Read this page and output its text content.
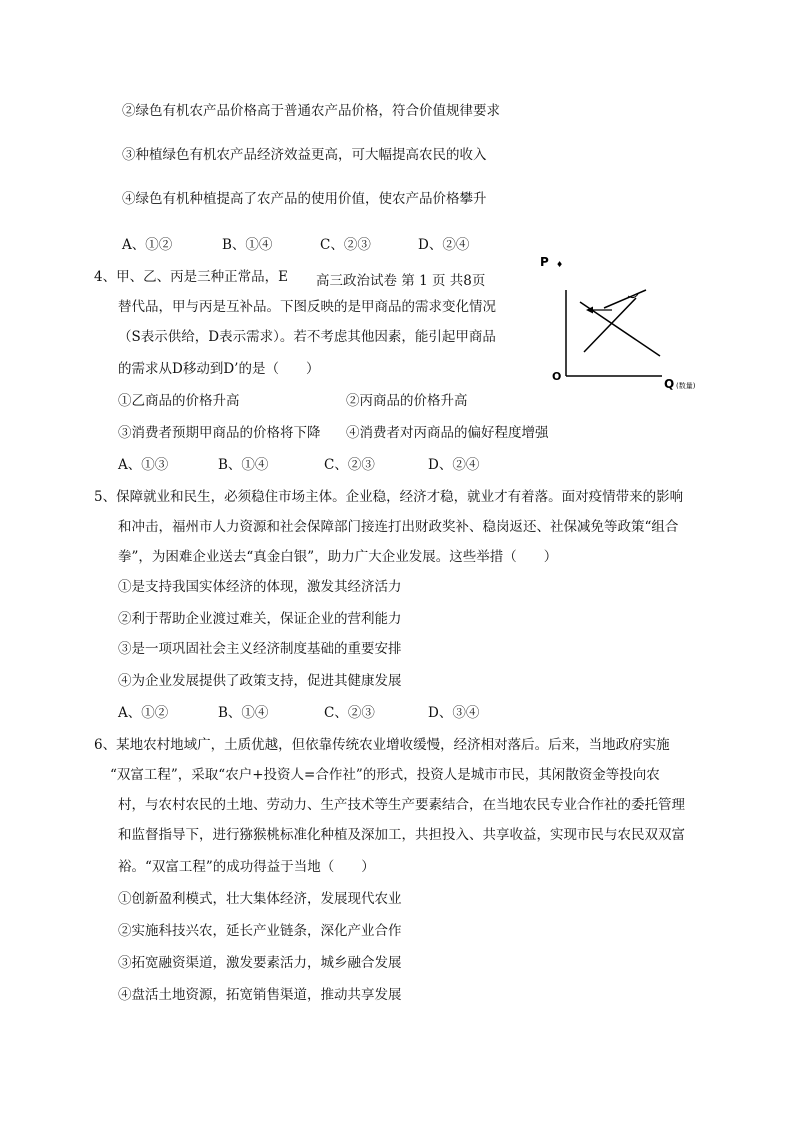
②绿色有机农产品价格高于普通农产品价格，符合价值规律要求
③种植绿色有机农产品经济效益更高，可大幅提高农民的收入
④绿色有机种植提高了农产品的使用价值，使农产品价格攀升
A、①②	B、①④	C、②③	D、②④
4、甲、乙、丙是三种正常品，E	高三政治试卷 第 1 页 共8页
替代品，甲与丙是互补品。下图反映的是甲商品的需求变化情况
（S表示供给，D表示需求）。若不考虑其他因素，能引起甲商品
的需求从D移动到D’的是（　　）
①乙商品的价格升高	②丙商品的价格升高
③消费者预期甲商品的价格将下降 ④消费者对丙商品的偏好程度增强
A、①③	B、①④	C、②③	D、②④
P ♦
O
Q (数量)
5、保障就业和民生，必须稳住市场主体。企业稳，经济才稳，就业才有着落。面对疫情带来的影响
和冲击，福州市人力资源和社会保障部门接连打出财政奖补、稳岗返还、社保减免等政策“组合
拳”，为困难企业送去“真金白银”，助力广大企业发展。这些举措（　　）
①是支持我国实体经济的体现，激发其经济活力
②利于帮助企业渡过难关，保证企业的营利能力
③是一项巩固社会主义经济制度基础的重要安排
④为企业发展提供了政策支持，促进其健康发展
A、①②	B、①④	C、②③	D、③④
6、某地农村地域广，土质优越，但依靠传统农业增收缓慢，经济相对落后。后来，当地政府实施
“双富工程”，采取“农户+投资人=合作社”的形式，投资人是城市市民，其闲散资金等投向农
村，与农村农民的土地、劳动力、生产技术等生产要素结合，在当地农民专业合作社的委托管理
和监督指导下，进行猕猴桃标准化种植及深加工，共担投入、共享收益，实现市民与农民双双富
裕。“双富工程”的成功得益于当地（　　）
①创新盈利模式，壮大集体经济，发展现代农业
②实施科技兴农，延长产业链条，深化产业合作
③拓宽融资渠道，激发要素活力，城乡融合发展
④盘活土地资源，拓宽销售渠道，推动共享发展
